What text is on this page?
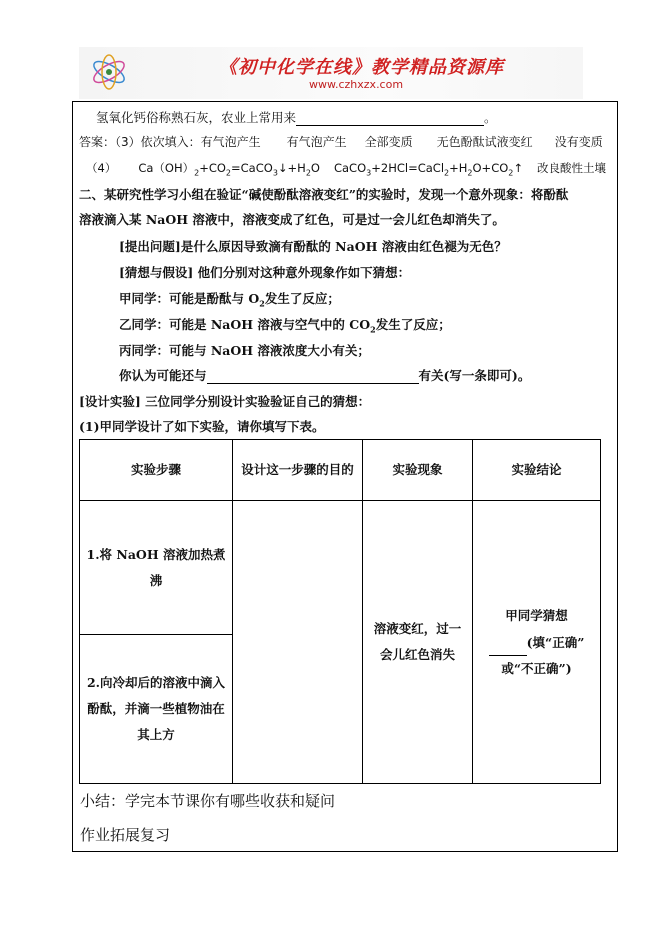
《初中化学在线》教学精品资源库
www.czhxzx.com
氢氧化钙俗称熟石灰，农业上常用来	。
答案：（3）依次填入：有气泡产生 有气泡产生 全部变质 无色酚酞试液变红 没有变质
（4） $Ca(OH)_2+CO_2=CaCO_3↓+H_2O$ $CaCO_3+2HCl=CaCl_2+H_2O+CO_2↑$ 改良酸性土壤
二、某研究性学习小组在验证“碱使酚酞溶液变红”的实验时，发现一个意外现象：将酚酞
溶液滴入某 NaOH 溶液中，溶液变成了红色，可是过一会儿红色却消失了。
[提出问题]是什么原因导致滴有酚酞的 NaOH 溶液由红色褪为无色？
[猜想与假设] 他们分别对这种意外现象作如下猜想：
甲同学：可能是酚酞与 $O_2$发生了反应；
乙同学：可能是 NaOH 溶液与空气中的 $CO_2$发生了反应；
丙同学：可能与 NaOH 溶液浓度大小有关；
你认为可能还与	有关(写一条即可)。
[设计实验] 三位同学分别设计实验验证自己的猜想：
(1)甲同学设计了如下实验，请你填写下表。
实验步骤	设计这一步骤的目的	实验现象	实验结论
1.将 NaOH 溶液加热煮沸		溶液变红，过一会儿红色消失	甲同学猜想
(填“正确”
或“不正确”)

2.向冷却后的溶液中滴入酚酞，并滴一些植物油在其上方			
小结：学完本节课你有哪些收获和疑问
作业拓展复习
